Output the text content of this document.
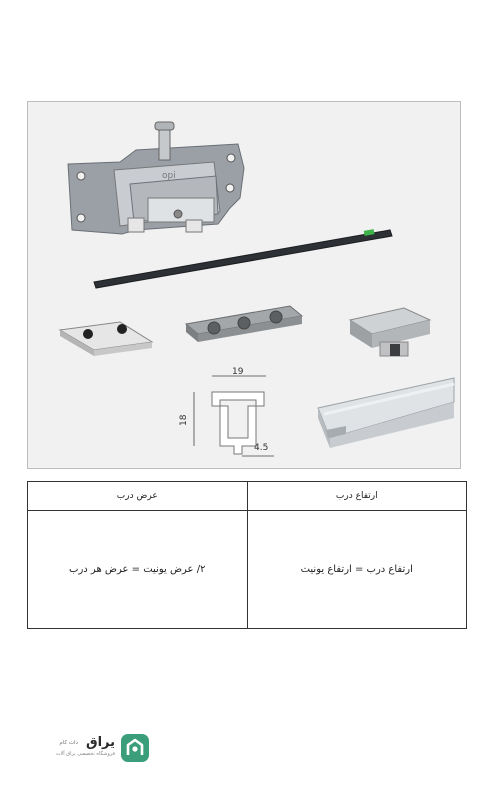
opi
19
18
4.5
ارتفاع درب	عرض درب
ارتفاع درب = ارتفاع یونیت	۲/ عرض یونیت = عرض هر درب
یراق
دات کام
فروشگاه تخصصی یراق آلات
